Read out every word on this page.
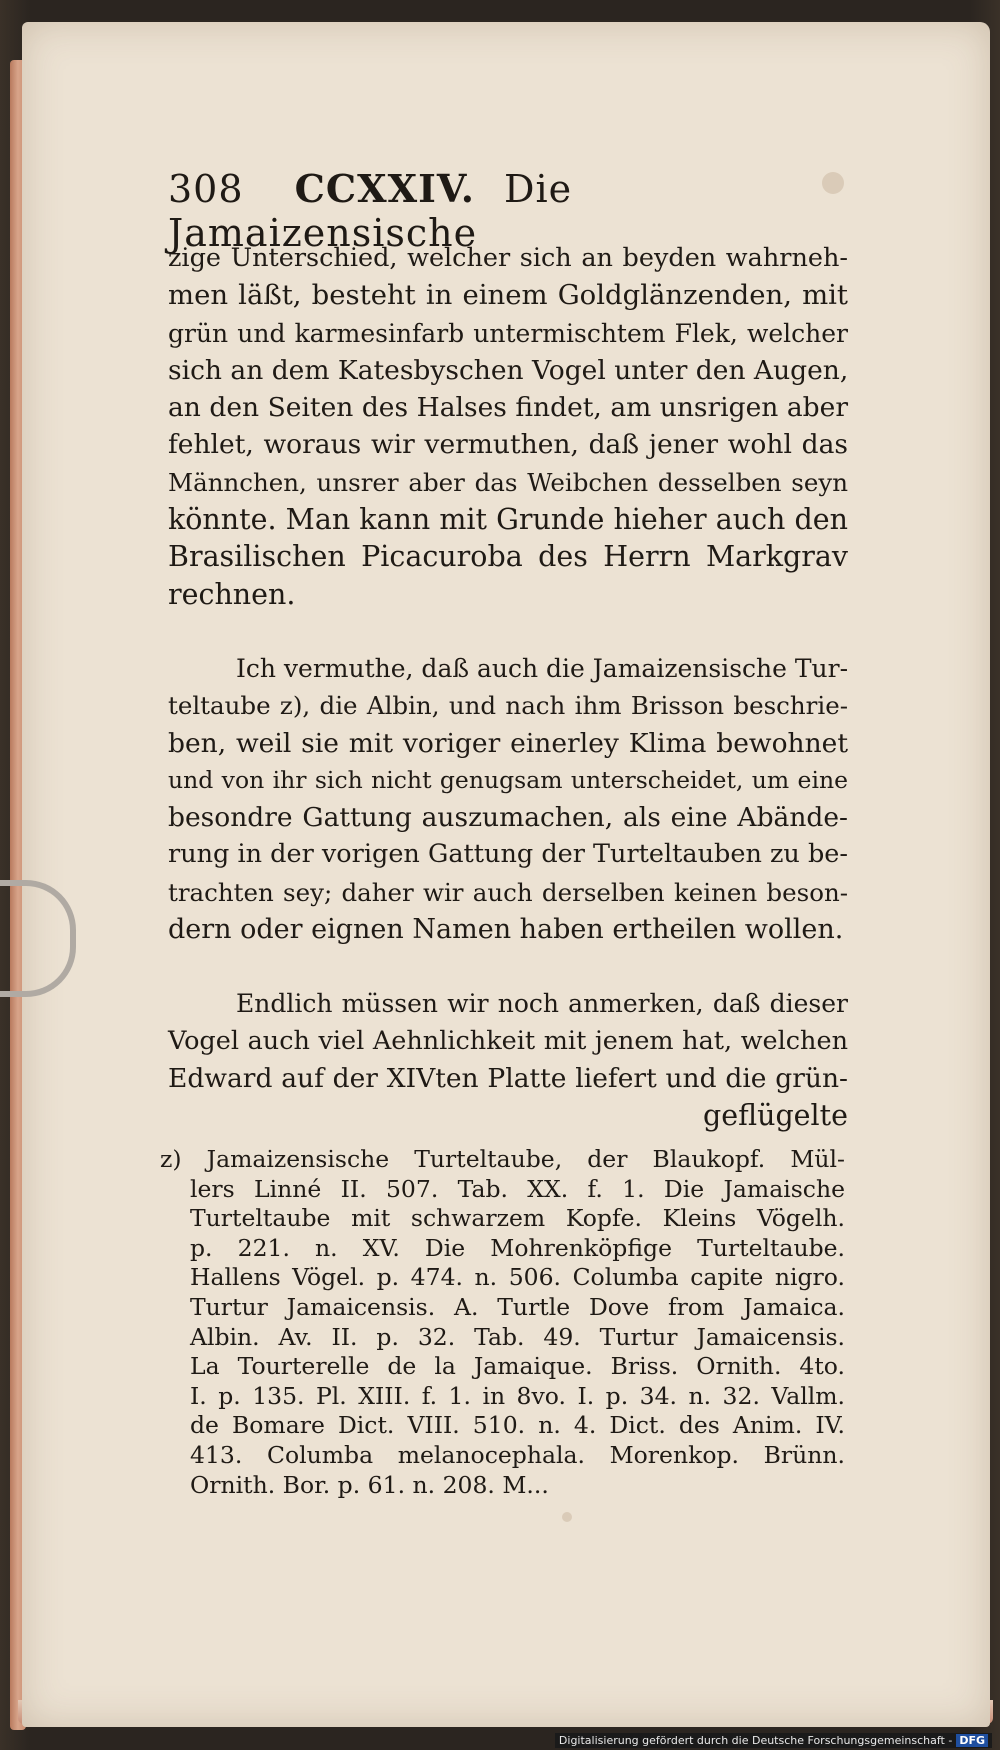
308 CCXXIV. Die Jamaizensische
zige Unterschied, welcher sich an beyden wahrneh-
men läßt, besteht in einem Goldglänzenden, mit
grün und karmesinfarb untermischtem Flek, welcher
sich an dem Katesbyschen Vogel unter den Augen,
an den Seiten des Halses findet, am unsrigen aber
fehlet, woraus wir vermuthen, daß jener wohl das
Männchen, unsrer aber das Weibchen desselben seyn
könnte. Man kann mit Grunde hieher auch den
Brasilischen Picacuroba des Herrn Markgrav
rechnen.
Ich vermuthe, daß auch die Jamaizensische Tur-
teltaube z), die Albin, und nach ihm Brisson beschrie-
ben, weil sie mit voriger einerley Klima bewohnet
und von ihr sich nicht genugsam unterscheidet, um eine
besondre Gattung auszumachen, als eine Abände-
rung in der vorigen Gattung der Turteltauben zu be-
trachten sey; daher wir auch derselben keinen beson-
dern oder eignen Namen haben ertheilen wollen.
Endlich müssen wir noch anmerken, daß dieser
Vogel auch viel Aehnlichkeit mit jenem hat, welchen
Edward auf der XIVten Platte liefert und die grün-
geflügelte
z) Jamaizensische Turteltaube, der Blaukopf. Mül-
lers Linné II. 507. Tab. XX. f. 1. Die Jamaische
Turteltaube mit schwarzem Kopfe. Kleins Vögelh.
p. 221. n. XV. Die Mohrenköpfige Turteltaube.
Hallens Vögel. p. 474. n. 506. Columba capite nigro.
Turtur Jamaicensis. A. Turtle Dove from Jamaica.
Albin. Av. II. p. 32. Tab. 49. Turtur Jamaicensis.
La Tourterelle de la Jamaique. Briss. Ornith. 4to.
I. p. 135. Pl. XIII. f. 1. in 8vo. I. p. 34. n. 32. Vallm.
de Bomare Dict. VIII. 510. n. 4. Dict. des Anim. IV.
413. Columba melanocephala. Morenkop. Brünn.
Ornith. Bor. p. 61. n. 208. M...
Digitalisierung gefördert durch die Deutsche Forschungsgemeinschaft - DFG
